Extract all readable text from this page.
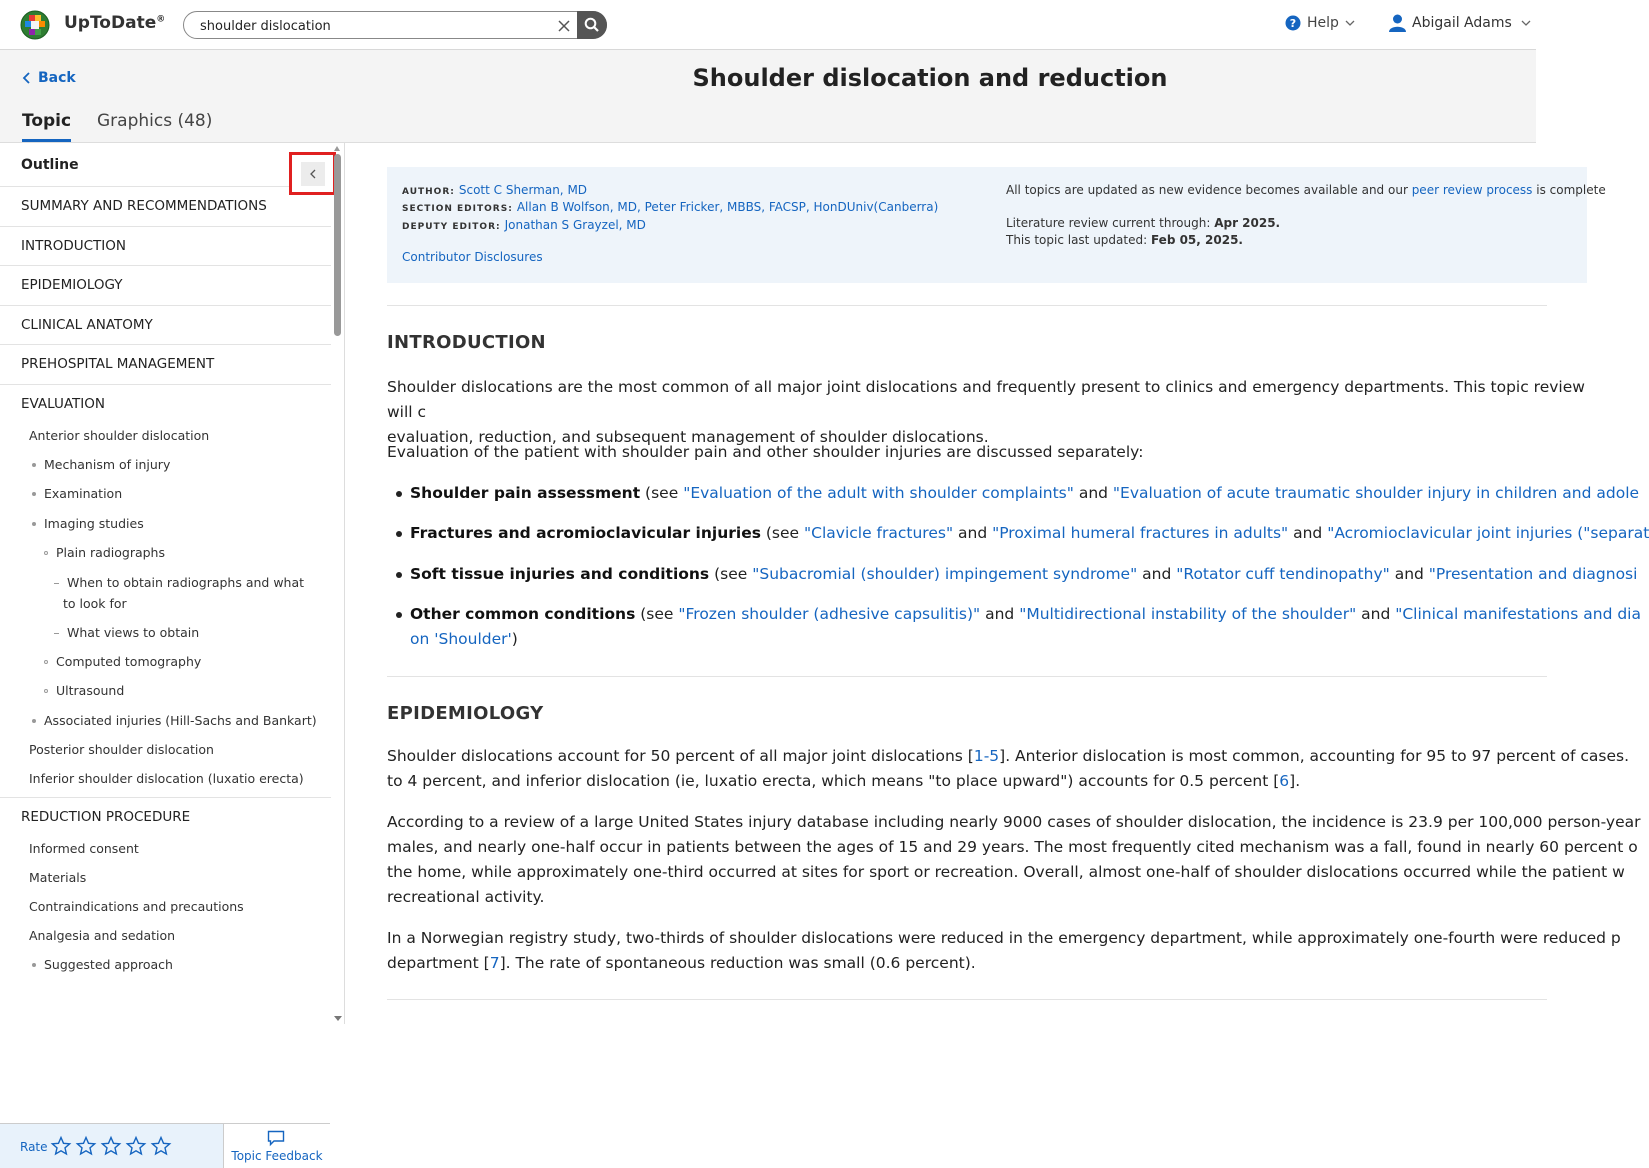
UpToDate®
shoulder dislocation	? Help	Abigail Adams
Back	Shoulder dislocation and reduction
Topic Graphics (48)
Outline
SUMMARY AND RECOMMENDATIONS
INTRODUCTION
EPIDEMIOLOGY
CLINICAL ANATOMY
PREHOSPITAL MANAGEMENT
EVALUATION
Anterior shoulder dislocation
Mechanism of injury
Examination
Imaging studies
Plain radiographs
When to obtain radiographs and what
to look for
What views to obtain
Computed tomography
Ultrasound
Associated injuries (Hill-Sachs and Bankart)
Posterior shoulder dislocation
Inferior shoulder dislocation (luxatio erecta)
REDUCTION PROCEDURE
Informed consent
Materials
Contraindications and precautions
Analgesia and sedation
Suggested approach
Rate
Topic Feedback
AUTHOR: Scott C Sherman, MD
SECTION EDITORS: Allan B Wolfson, MD, Peter Fricker, MBBS, FACSP, HonDUniv(Canberra)
DEPUTY EDITOR: Jonathan S Grayzel, MD
Contributor Disclosures
All topics are updated as new evidence becomes available and our peer review process is complete
Literature review current through: Apr 2025.
This topic last updated: Feb 05, 2025.
INTRODUCTION
Shoulder dislocations are the most common of all major joint dislocations and frequently present to clinics and emergency departments. This topic review will c
evaluation, reduction, and subsequent management of shoulder dislocations.
Evaluation of the patient with shoulder pain and other shoulder injuries are discussed separately:
Shoulder pain assessment (see "Evaluation of the adult with shoulder complaints" and "Evaluation of acute traumatic shoulder injury in children and adole
Fractures and acromioclavicular injuries (see "Clavicle fractures" and "Proximal humeral fractures in adults" and "Acromioclavicular joint injuries ("separat
Soft tissue injuries and conditions (see "Subacromial (shoulder) impingement syndrome" and "Rotator cuff tendinopathy" and "Presentation and diagnosi
Other common conditions (see "Frozen shoulder (adhesive capsulitis)" and "Multidirectional instability of the shoulder" and "Clinical manifestations and dia
on 'Shoulder')
EPIDEMIOLOGY
Shoulder dislocations account for 50 percent of all major joint dislocations [1-5]. Anterior dislocation is most common, accounting for 95 to 97 percent of cases.
to 4 percent, and inferior dislocation (ie, luxatio erecta, which means "to place upward") accounts for 0.5 percent [6].
According to a review of a large United States injury database including nearly 9000 cases of shoulder dislocation, the incidence is 23.9 per 100,000 person-year
males, and nearly one-half occur in patients between the ages of 15 and 29 years. The most frequently cited mechanism was a fall, found in nearly 60 percent o
the home, while approximately one-third occurred at sites for sport or recreation. Overall, almost one-half of shoulder dislocations occurred while the patient w
recreational activity.
In a Norwegian registry study, two-thirds of shoulder dislocations were reduced in the emergency department, while approximately one-fourth were reduced p
department [7]. The rate of spontaneous reduction was small (0.6 percent).
